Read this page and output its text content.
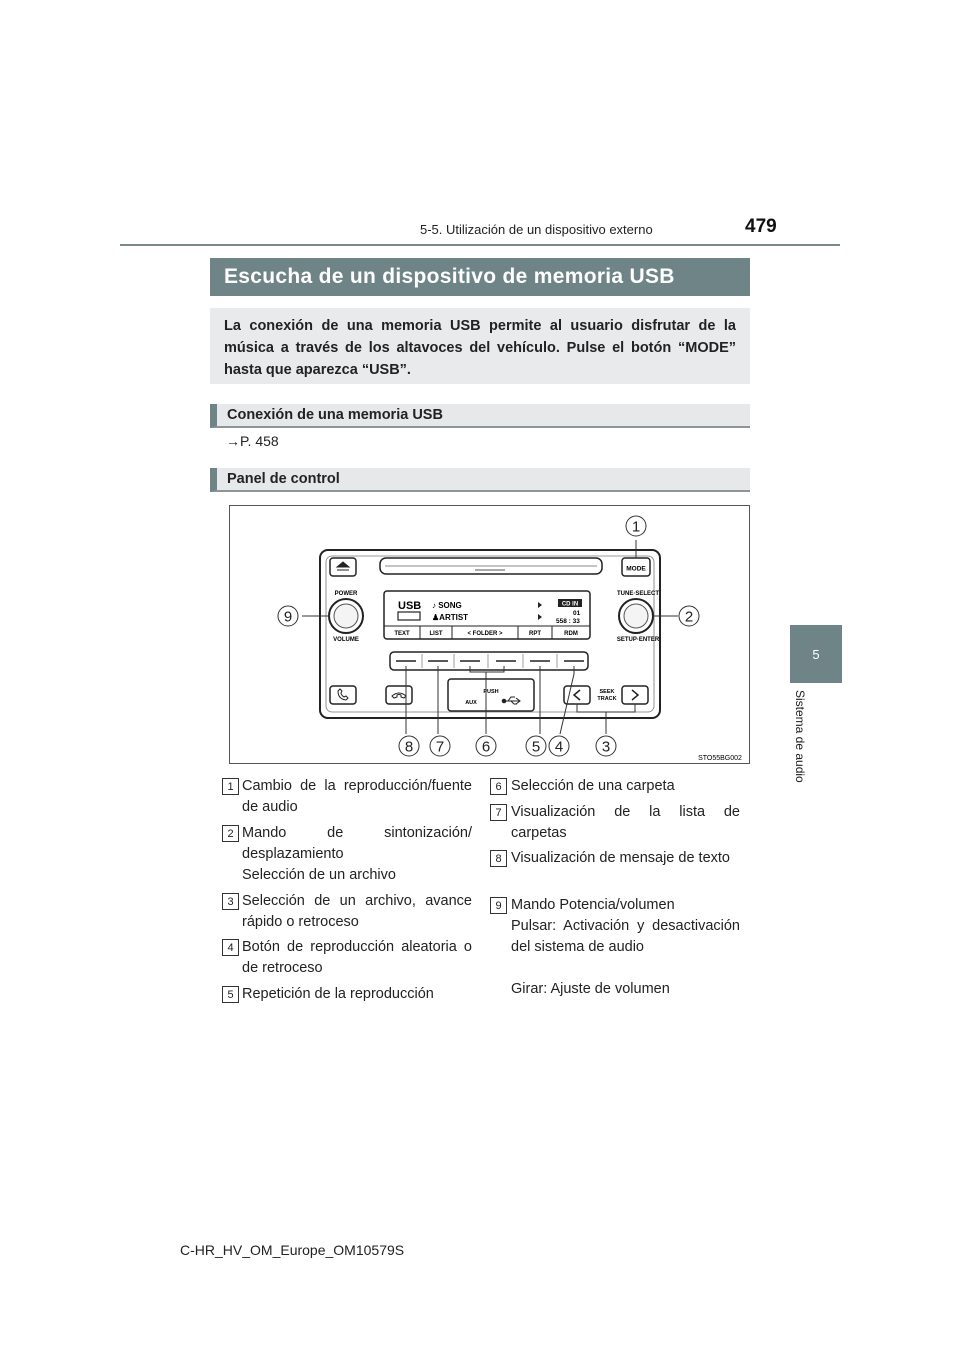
5-5. Utilización de un dispositivo externo	479
5
Sistema de audio
Escucha de un dispositivo de memoria USB
La conexión de una memoria USB permite al usuario disfrutar de la música a través de los altavoces del vehículo. Pulse el botón “MODE” hasta que aparezca “USB”.
Conexión de una memoria USB
→P. 458
Panel de control
MODE
POWER
VOLUME
TUNE·SELECT
SETUP·ENTER
USB ♪ SONG
♟ARTIST
CD IN
01
558 : 33
TEXT	LIST	< FOLDER >	RPT	RDM
PUSH
AUX
SEEK
TRACK
1
2
3
4
5
6
7
8
9
STO55BG002
1 Cambio de la reproducción/fuente de audio
2 Mando de sintonización/ desplazamiento
Selección de un archivo
3 Selección de un archivo, avance rápido o retroceso
4 Botón de reproducción aleatoria o de retroceso
5 Repetición de la reproducción
6 Selección de una carpeta
7 Visualización de la lista de carpetas
8 Visualización de mensaje de texto
9 Mando Potencia/volumen
Pulsar: Activación y desactivación del sistema de audio
Girar: Ajuste de volumen
C-HR_HV_OM_Europe_OM10579S
